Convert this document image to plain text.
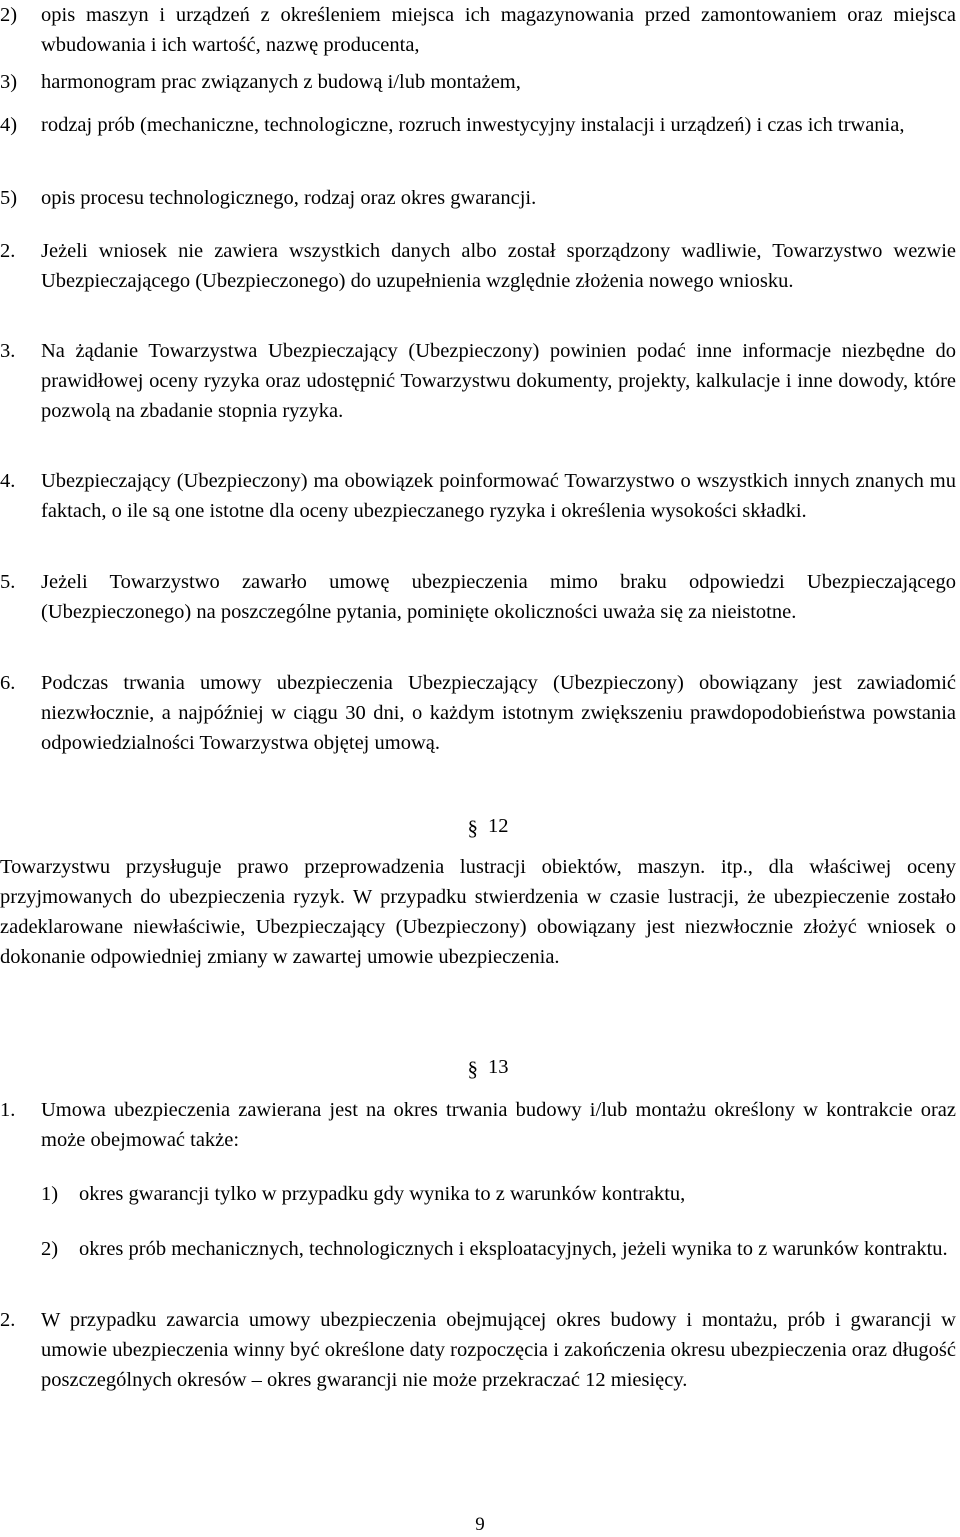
2)	opis maszyn i urządzeń z określeniem miejsca ich magazynowania przed zamontowaniem oraz miejsca wbudowania i ich wartość, nazwę producenta,
3)	harmonogram prac związanych z budową i/lub montażem,
4)	rodzaj prób (mechaniczne, technologiczne, rozruch inwestycyjny instalacji i urządzeń) i czas ich trwania,
5)	opis procesu technologicznego, rodzaj oraz okres gwarancji.
2.	Jeżeli wniosek nie zawiera wszystkich danych albo został sporządzony wadliwie, Towarzystwo wezwie Ubezpieczającego (Ubezpieczonego) do uzupełnienia względnie złożenia nowego wniosku.
3.	Na żądanie Towarzystwa Ubezpieczający (Ubezpieczony) powinien podać inne informacje niezbędne do prawidłowej oceny ryzyka oraz udostępnić Towarzystwu dokumenty, projekty, kalkulacje i inne dowody, które pozwolą na zbadanie stopnia ryzyka.
4.	Ubezpieczający (Ubezpieczony) ma obowiązek poinformować Towarzystwo o wszystkich innych znanych mu faktach, o ile są one istotne dla oceny ubezpieczanego ryzyka i określenia wysokości składki.
5.	Jeżeli Towarzystwo zawarło umowę ubezpieczenia mimo braku odpowiedzi Ubezpieczającego (Ubezpieczonego) na poszczególne pytania, pominięte okoliczności uważa się za nieistotne.
6.	Podczas trwania umowy ubezpieczenia Ubezpieczający (Ubezpieczony) obowiązany jest zawiadomić niezwłocznie, a najpóźniej w ciągu 30 dni, o każdym istotnym zwiększeniu prawdopodobieństwa powstania odpowiedzialności Towarzystwa objętej umową.
§ 12
Towarzystwu przysługuje prawo przeprowadzenia lustracji obiektów, maszyn. itp., dla właściwej oceny przyjmowanych do ubezpieczenia ryzyk. W przypadku stwierdzenia w czasie lustracji, że ubezpieczenie zostało zadeklarowane niewłaściwie, Ubezpieczający (Ubezpieczony) obowiązany jest niezwłocznie złożyć wniosek o dokonanie odpowiedniej zmiany w zawartej umowie ubezpieczenia.
§ 13
1.	Umowa ubezpieczenia zawierana jest na okres trwania budowy i/lub montażu określony w kontrakcie oraz może obejmować także:
1)	okres gwarancji tylko w przypadku gdy wynika to z warunków kontraktu,
2)	okres prób mechanicznych, technologicznych i eksploatacyjnych, jeżeli wynika to z warunków kontraktu.
2.	W przypadku zawarcia umowy ubezpieczenia obejmującej okres budowy i montażu, prób i gwarancji w umowie ubezpieczenia winny być określone daty rozpoczęcia i zakończenia okresu ubezpieczenia oraz długość poszczególnych okresów – okres gwarancji nie może przekraczać 12 miesięcy.
9
